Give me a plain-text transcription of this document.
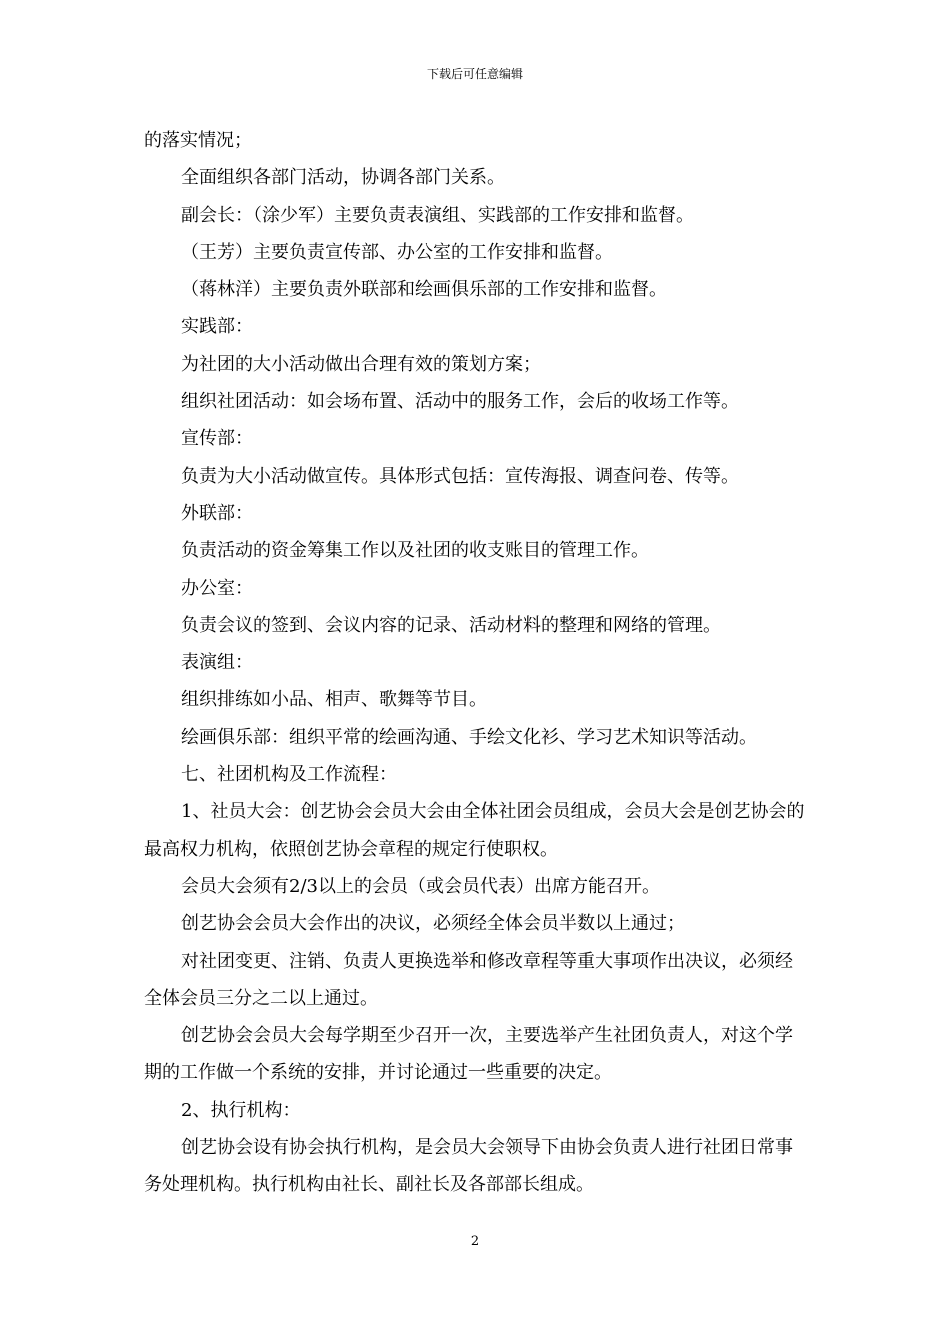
下载后可任意编辑

的落实情况；

全面组织各部门活动，协调各部门关系。

副会长：（涂少军）主要负责表演组、实践部的工作安排和监督。

（王芳）主要负责宣传部、办公室的工作安排和监督。

（蒋林洋）主要负责外联部和绘画俱乐部的工作安排和监督。

实践部：

为社团的大小活动做出合理有效的策划方案；

组织社团活动：如会场布置、活动中的服务工作，会后的收场工作等。

宣传部：

负责为大小活动做宣传。具体形式包括：宣传海报、调查问卷、传等。

外联部：

负责活动的资金筹集工作以及社团的收支账目的管理工作。

办公室：

负责会议的签到、会议内容的记录、活动材料的整理和网络的管理。

表演组：

组织排练如小品、相声、歌舞等节目。

绘画俱乐部：组织平常的绘画沟通、手绘文化衫、学习艺术知识等活动。

七、社团机构及工作流程：

1、社员大会：创艺协会会员大会由全体社团会员组成，会员大会是创艺协会的最高权力机构，依照创艺协会章程的规定行使职权。

会员大会须有2/3以上的会员（或会员代表）出席方能召开。

创艺协会会员大会作出的决议，必须经全体会员半数以上通过；

对社团变更、注销、负责人更换选举和修改章程等重大事项作出决议，必须经全体会员三分之二以上通过。

创艺协会会员大会每学期至少召开一次，主要选举产生社团负责人，对这个学期的工作做一个系统的安排，并讨论通过一些重要的决定。

2、执行机构：

创艺协会设有协会执行机构，是会员大会领导下由协会负责人进行社团日常事务处理机构。执行机构由社长、副社长及各部部长组成。

2
